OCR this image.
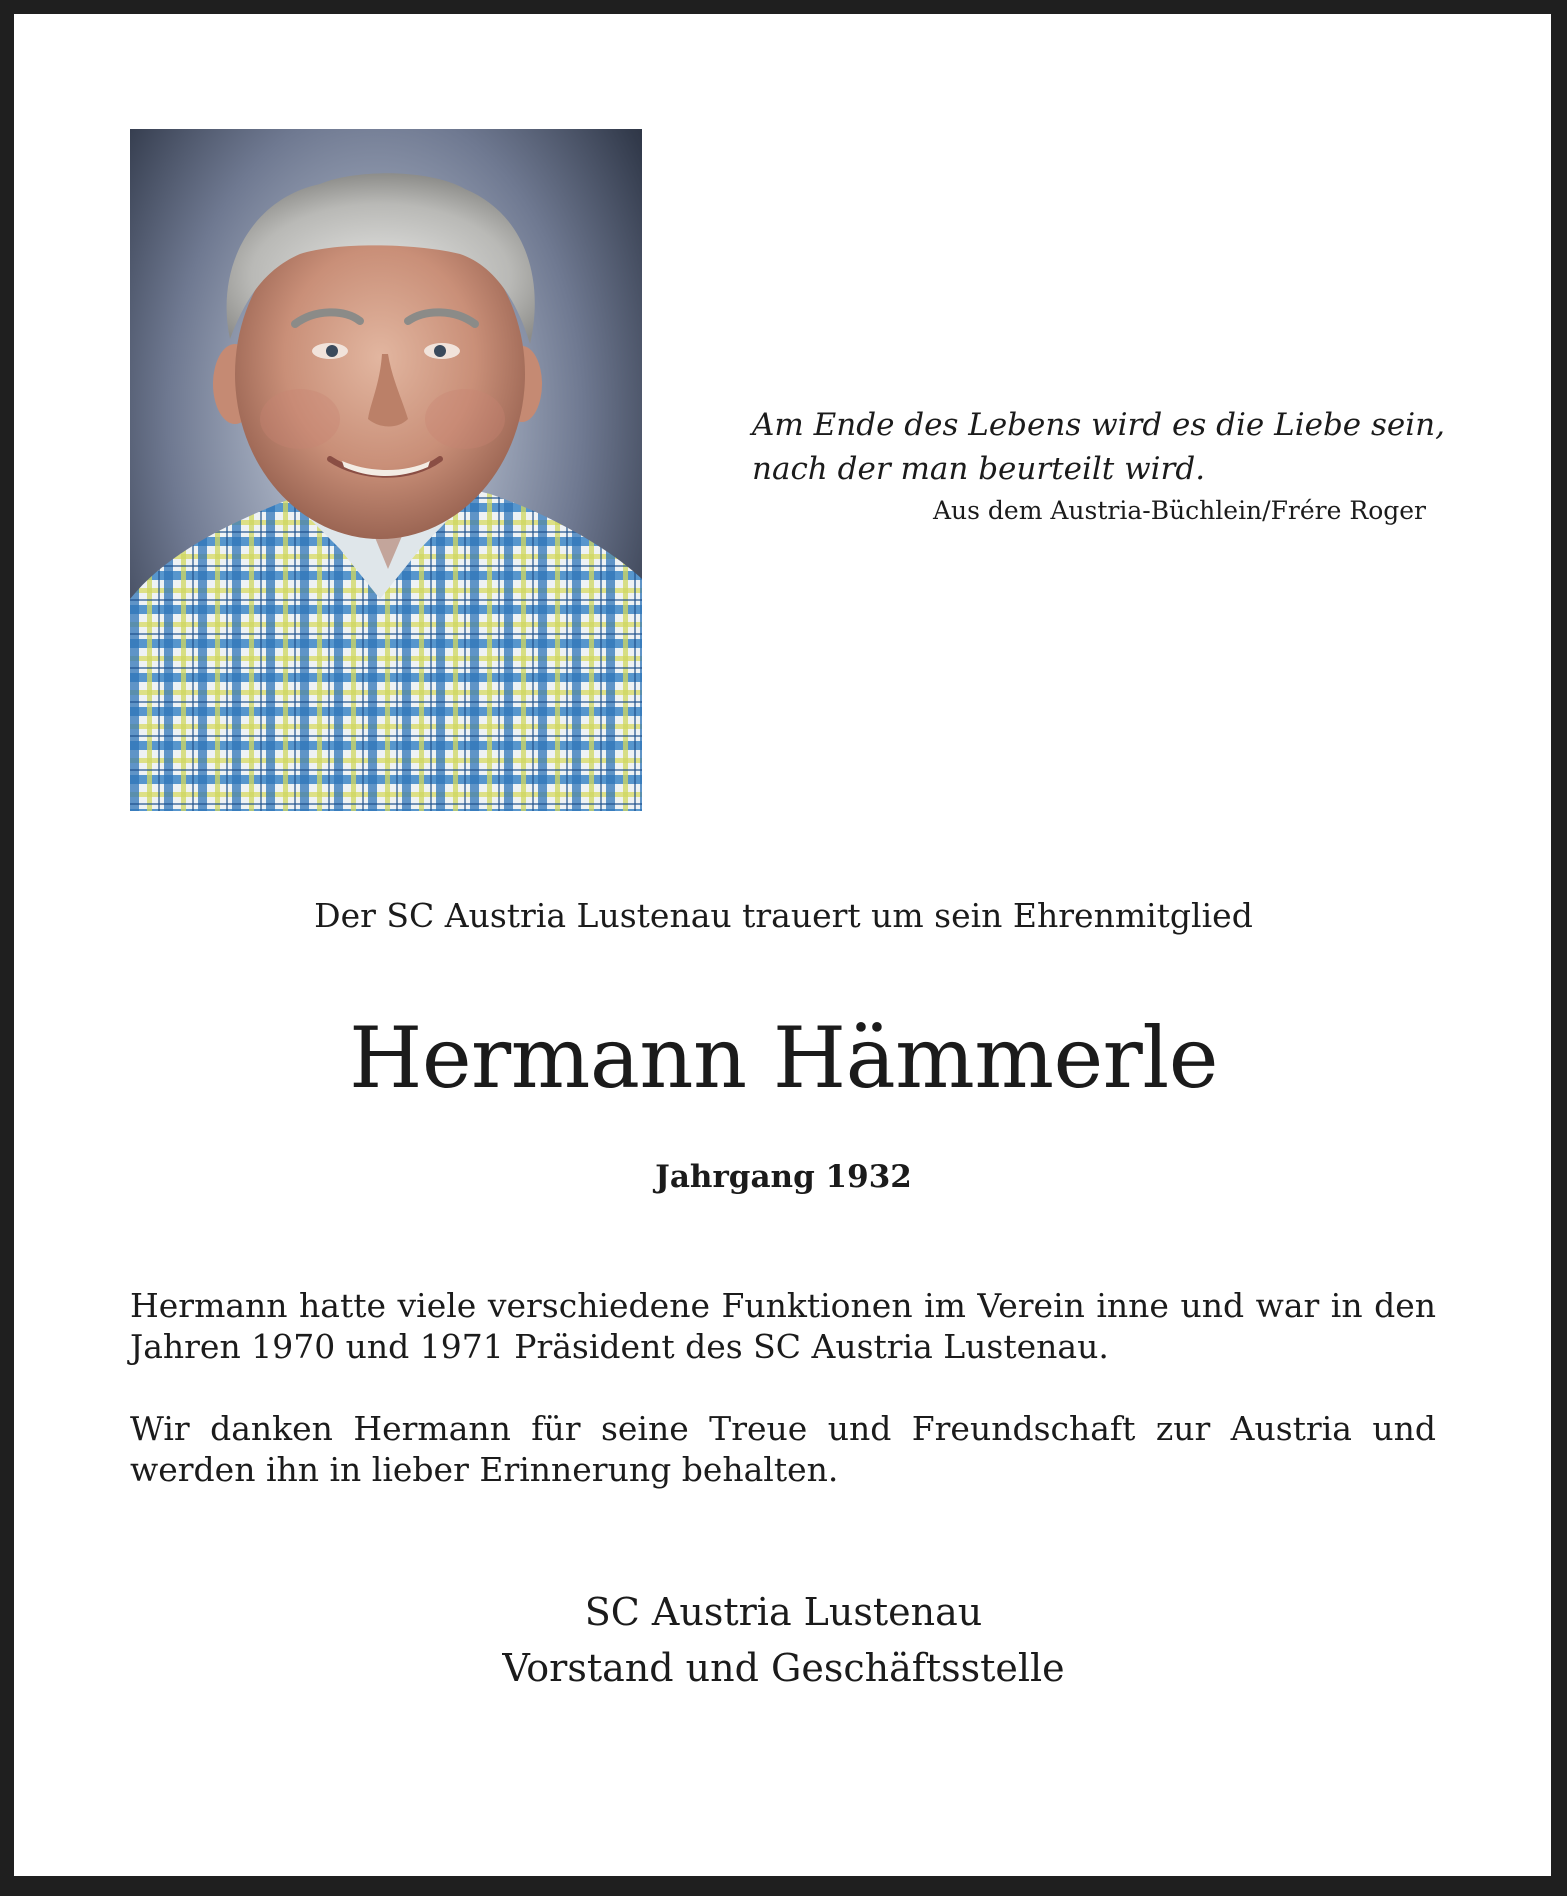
Am Ende des Lebens wird es die Liebe sein,
nach der man beurteilt wird.
Aus dem Austria-Büchlein/Frére Roger
Der SC Austria Lustenau trauert um sein Ehrenmitglied
Hermann Hämmerle
Jahrgang 1932
Hermann hatte viele verschiedene Funktionen im Verein inne und war in den Jahren 1970 und 1971 Präsident des SC Austria Lustenau.
Wir danken Hermann für seine Treue und Freundschaft zur Austria und werden ihn in lieber Erinnerung behalten.
SC Austria Lustenau
Vorstand und Geschäftsstelle
